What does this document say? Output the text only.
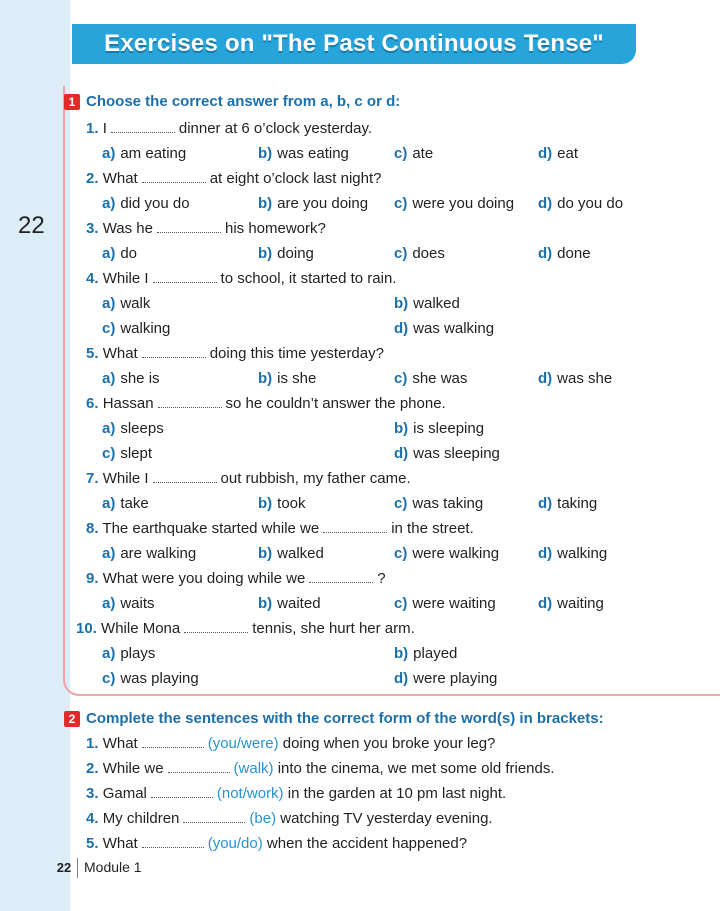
Exercises on "The Past Continuous Tense"
22
1 Choose the correct answer from a, b, c or d:
1. I	dinner at 6 o’clock yesterday.
a) am eating	b) was eating	c) ate	d) eat
2. What	at eight o’clock last night?
a) did you do	b) are you doing c) were you doing d) do you do
3. Was he	his homework?
a) do	b) doing	c) does	d) done
4. While I	to school, it started to rain.
a) walk	b) walked
c) walking	d) was walking
5. What	doing this time yesterday?
a) she is	b) is she	c) she was	d) was she
6. Hassan	so he couldn’t answer the phone.
a) sleeps	b) is sleeping
c) slept	d) was sleeping
7. While I	out rubbish, my father came.
a) take	b) took	c) was taking	d) taking
8. The earthquake started while we	in the street.
a) are walking	b) walked	c) were walking	d) walking
9. What were you doing while we	?
a) waits	b) waited	c) were waiting	d) waiting
10. While Mona	tennis, she hurt her arm.
a) plays	b) played
c) was playing	d) were playing
2 Complete the sentences with the correct form of the word(s) in brackets:
1. What	(you/were) doing when you broke your leg?
2. While we	(walk) into the cinema, we met some old friends.
3. Gamal	(not/work) in the garden at 10 pm last night.
4. My children	(be) watching TV yesterday evening.
5. What	(you/do) when the accident happened?
22 Module 1
